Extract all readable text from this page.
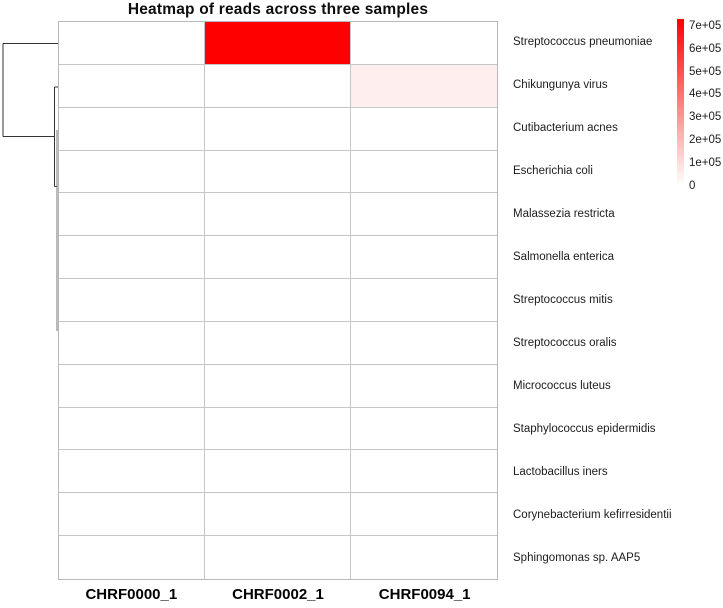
Heatmap of reads across three samples
Streptococcus pneumoniae
Chikungunya virus
Cutibacterium acnes
Escherichia coli
Malassezia restricta
Salmonella enterica
Streptococcus mitis
Streptococcus oralis
Micrococcus luteus
Staphylococcus epidermidis
Lactobacillus iners
Corynebacterium kefirresidentii
Sphingomonas sp. AAP5
CHRF0000_1	CHRF0002_1	CHRF0094_1
7e+05
6e+05
5e+05
4e+05
3e+05
2e+05
1e+05
0
